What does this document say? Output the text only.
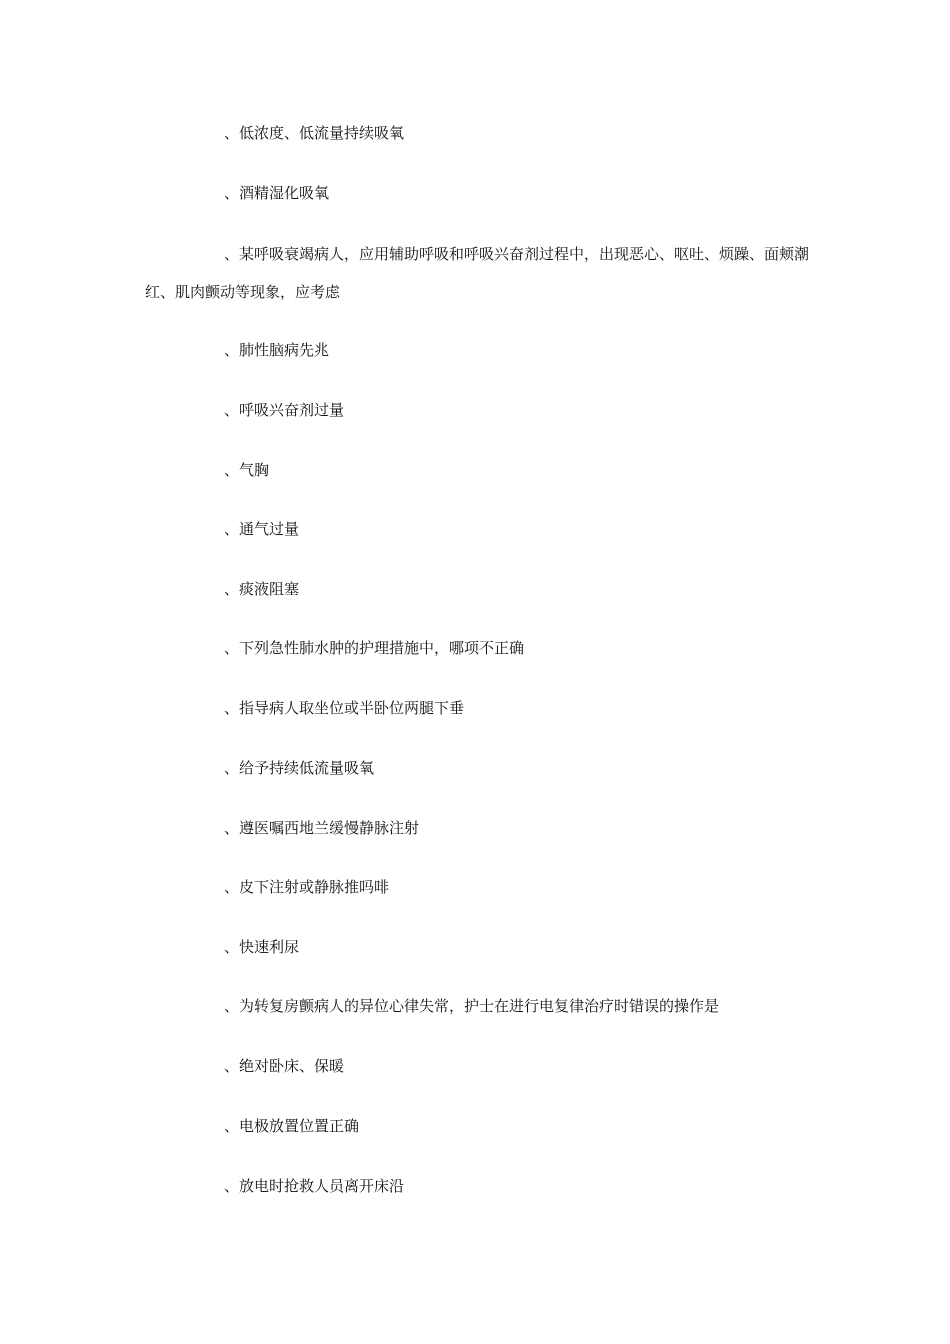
、低浓度、低流量持续吸氧
、酒精湿化吸氧
、某呼吸衰竭病人，应用辅助呼吸和呼吸兴奋剂过程中，出现恶心、呕吐、烦躁、面颊潮红、肌肉颤动等现象，应考虑
、肺性脑病先兆
、呼吸兴奋剂过量
、气胸
、通气过量
、痰液阻塞
、下列急性肺水肿的护理措施中，哪项不正确
、指导病人取坐位或半卧位两腿下垂
、给予持续低流量吸氧
、遵医嘱西地兰缓慢静脉注射
、皮下注射或静脉推吗啡
、快速利尿
、为转复房颤病人的异位心律失常，护士在进行电复律治疗时错误的操作是
、绝对卧床、保暖
、电极放置位置正确
、放电时抢救人员离开床沿
